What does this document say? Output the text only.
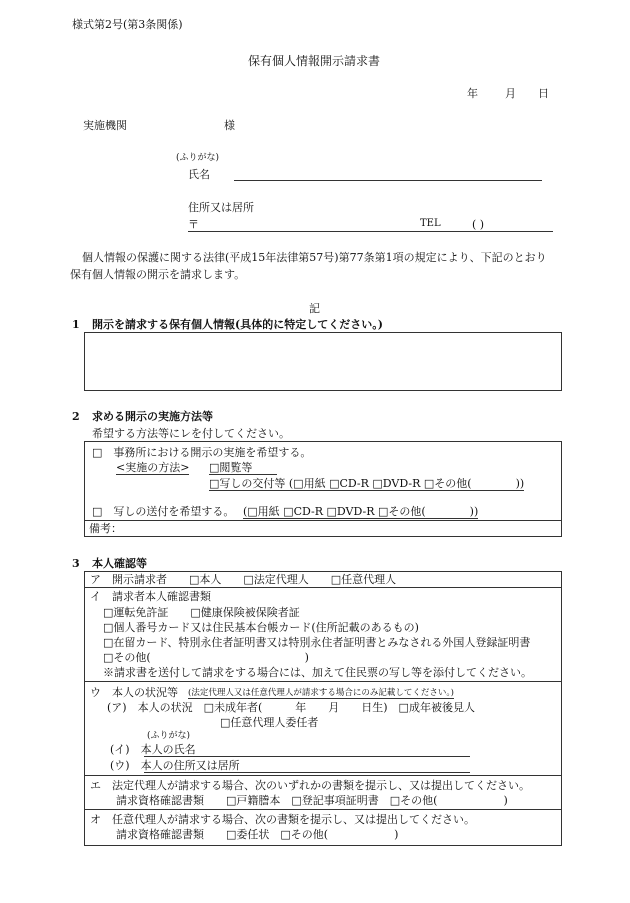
様式第2号(第3条関係)
保有個人情報開示請求書
年 月 日
実施機関	様
(ふりがな)
氏名
住所又は居所
〒	TEL	( )
個人情報の保護に関する法律(平成15年法律第57号)第77条第1項の規定により、下記のとおり
保有個人情報の開示を請求します。
記
1 開示を請求する保有個人情報(具体的に特定してください。)
2 求める開示の実施方法等
希望する方法等にレを付してください。
□　事務所における開示の実施を希望する。
<実施の方法> □閲覧等
□写しの交付等 (□用紙 □CD-R □DVD-R □その他(　　　　))
□　写しの送付を希望する。 (□用紙 □CD-R □DVD-R □その他(　　　　))
備考：
3 本人確認等
ア　開示請求者　　□本人　　□法定代理人　　□任意代理人
イ　請求者本人確認書類
□運転免許証　　□健康保険被保険者証
□個人番号カード又は住民基本台帳カード(住所記載のあるもの)
□在留カード、特別永住者証明書又は特別永住者証明書とみなされる外国人登録証明書
□その他(　　　　　　　　　　　　　　)
※請求書を送付して請求をする場合には、加えて住民票の写し等を添付してください。
ウ　本人の状況等 (法定代理人又は任意代理人が請求する場合にのみ記載してください。)
(ア)　本人の状況　□未成年者(　　　年　　月　　日生)　□成年被後見人
□任意代理人委任者
(ふりがな)
(イ)　本人の氏名
(ウ)　本人の住所又は居所
エ　法定代理人が請求する場合、次のいずれかの書類を提示し、又は提出してください。
請求資格確認書類　　□戸籍謄本　□登記事項証明書　□その他(　　　　　　)
オ　任意代理人が請求する場合、次の書類を提示し、又は提出してください。
請求資格確認書類　　□委任状　□その他(　　　　　　)
